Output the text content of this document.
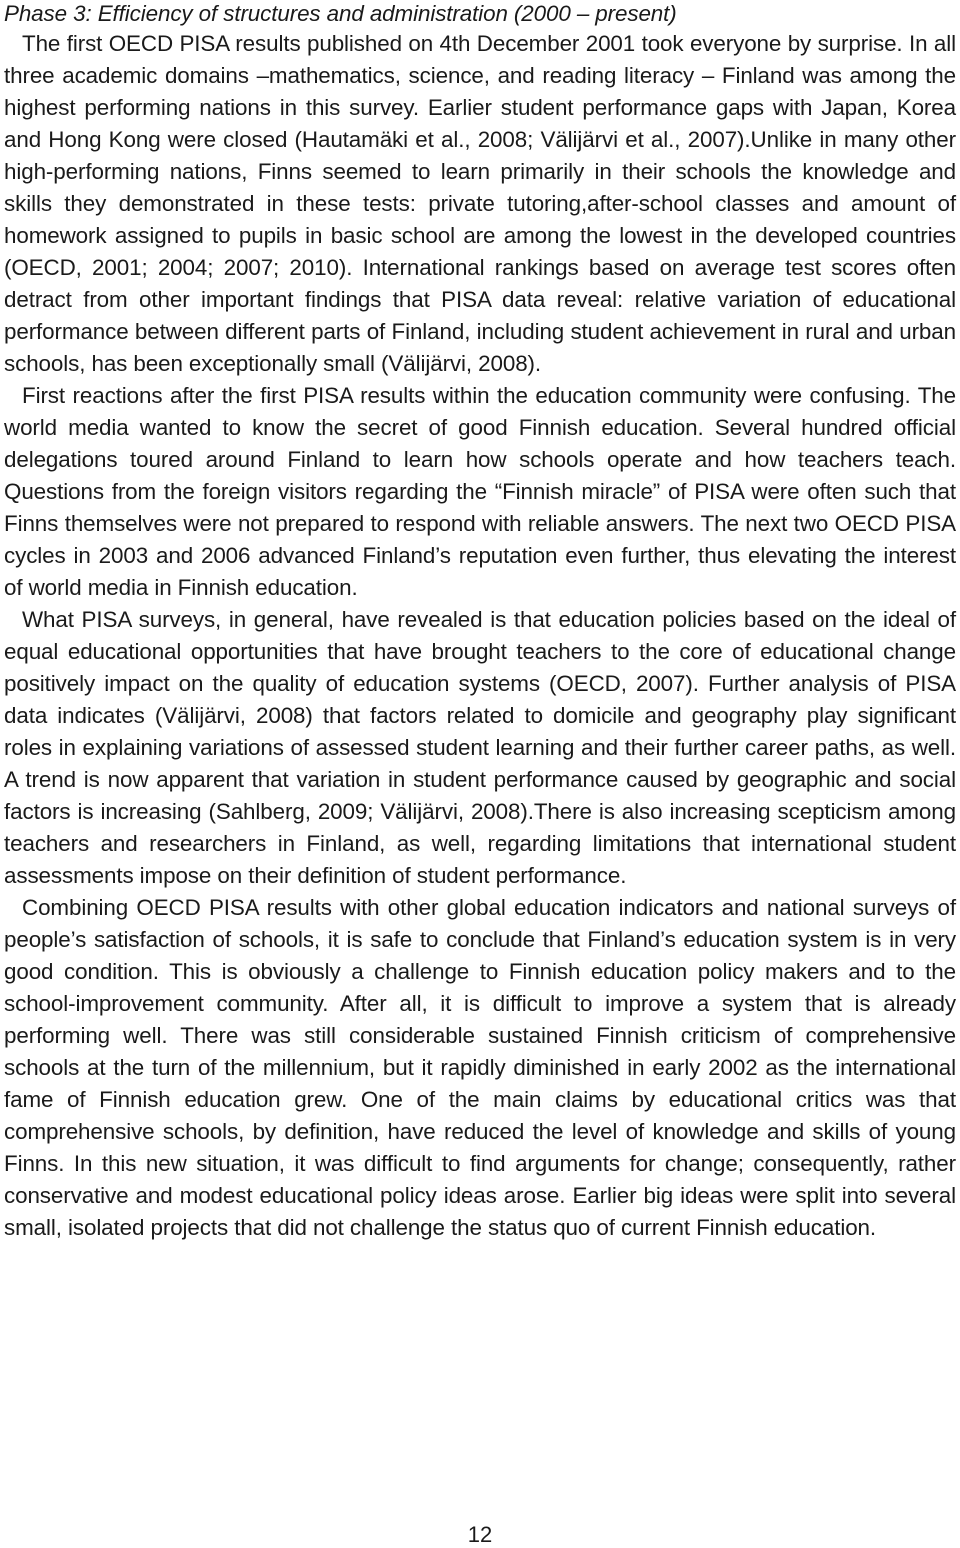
Phase 3: Efficiency of structures and administration (2000 – present)

The first OECD PISA results published on 4th December 2001 took everyone by surprise. In all three academic domains –mathematics, science, and reading literacy – Finland was among the highest performing nations in this survey. Earlier student performance gaps with Japan, Korea and Hong Kong were closed (Hautamäki et al., 2008; Välijärvi et al., 2007).Unlike in many other high-performing nations, Finns seemed to learn primarily in their schools the knowledge and skills they demonstrated in these tests: private tutoring,after-school classes and amount of homework assigned to pupils in basic school are among the lowest in the developed countries (OECD, 2001; 2004; 2007; 2010). International rankings based on average test scores often detract from other important findings that PISA data reveal: relative variation of educational performance between different parts of Finland, including student achievement in rural and urban schools, has been exceptionally small (Välijärvi, 2008).

First reactions after the first PISA results within the education community were confusing. The world media wanted to know the secret of good Finnish education. Several hundred official delegations toured around Finland to learn how schools operate and how teachers teach. Questions from the foreign visitors regarding the “Finnish miracle” of PISA were often such that Finns themselves were not prepared to respond with reliable answers. The next two OECD PISA cycles in 2003 and 2006 advanced Finland’s reputation even further, thus elevating the interest of world media in Finnish education.

What PISA surveys, in general, have revealed is that education policies based on the ideal of equal educational opportunities that have brought teachers to the core of educational change positively impact on the quality of education systems (OECD, 2007). Further analysis of PISA data indicates (Välijärvi, 2008) that factors related to domicile and geography play significant roles in explaining variations of assessed student learning and their further career paths, as well. A trend is now apparent that variation in student performance caused by geographic and social factors is increasing (Sahlberg, 2009; Välijärvi, 2008).There is also increasing scepticism among teachers and researchers in Finland, as well, regarding limitations that international student assessments impose on their definition of student performance.

Combining OECD PISA results with other global education indicators and national surveys of people’s satisfaction of schools, it is safe to conclude that Finland’s education system is in very good condition. This is obviously a challenge to Finnish education policy makers and to the school-improvement community. After all, it is difficult to improve a system that is already performing well. There was still considerable sustained Finnish criticism of comprehensive schools at the turn of the millennium, but it rapidly diminished in early 2002 as the international fame of Finnish education grew. One of the main claims by educational critics was that comprehensive schools, by definition, have reduced the level of knowledge and skills of young Finns. In this new situation, it was difficult to find arguments for change; consequently, rather conservative and modest educational policy ideas arose. Earlier big ideas were split into several small, isolated projects that did not challenge the status quo of current Finnish education.

12
